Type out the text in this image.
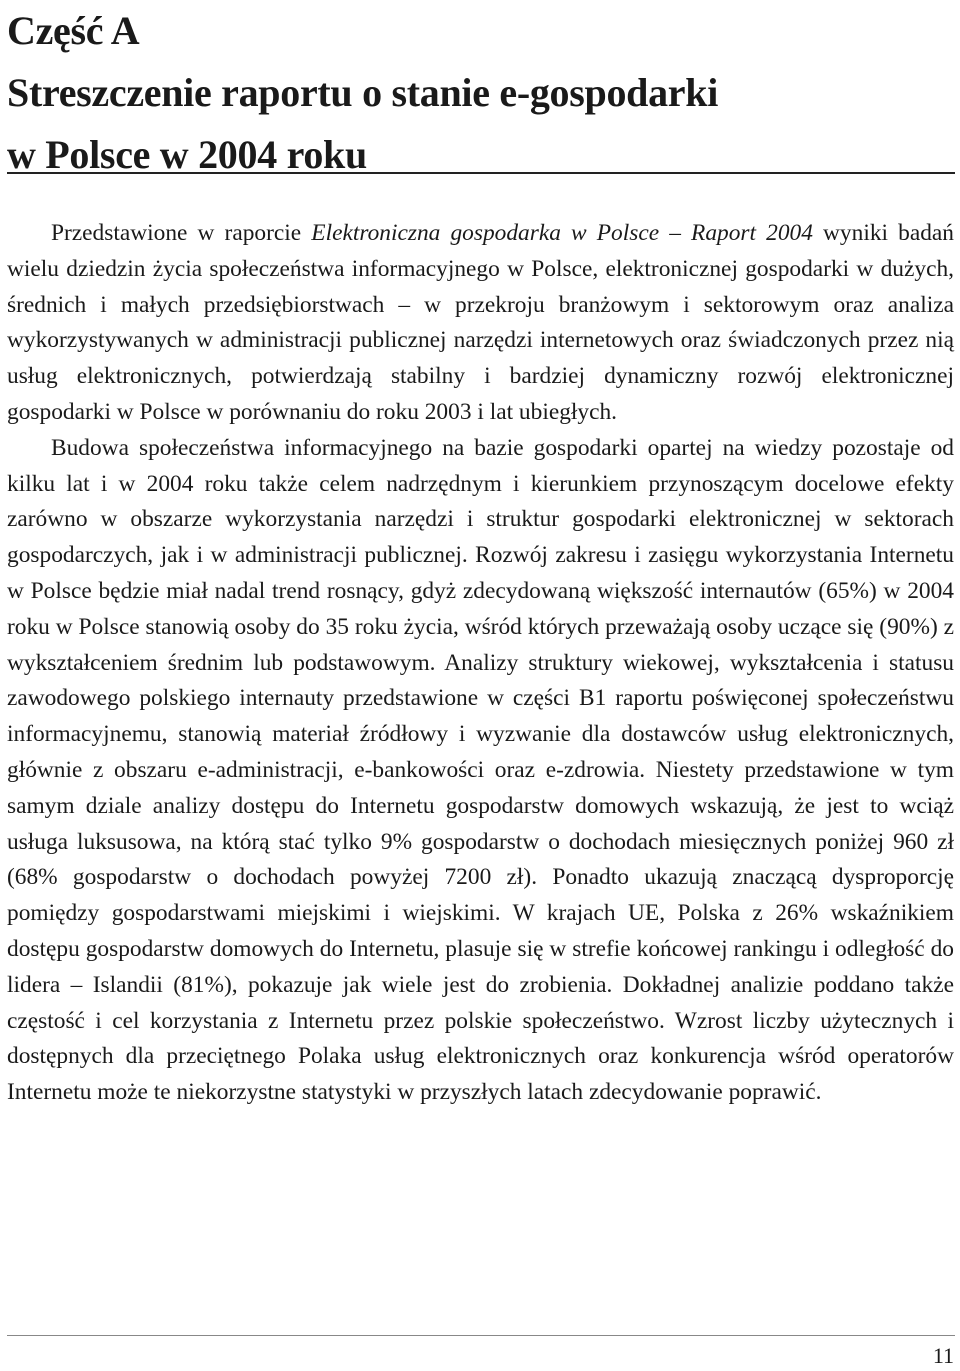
Część A
Streszczenie raportu o stanie e-gospodarki
w Polsce w 2004 roku

Przedstawione w raporcie Elektroniczna gospodarka w Polsce – Raport 2004 wyniki badań wielu dziedzin życia społeczeństwa informacyjnego w Polsce, elektronicznej gospodarki w dużych, średnich i małych przedsiębiorstwach – w przekroju branżowym i sektorowym oraz analiza wykorzystywanych w administracji publicznej narzędzi internetowych oraz świadczonych przez nią usług elektronicznych, potwierdzają stabilny i bardziej dynamiczny rozwój elektronicznej gospodarki w Polsce w porównaniu do roku 2003 i lat ubiegłych.

Budowa społeczeństwa informacyjnego na bazie gospodarki opartej na wiedzy pozostaje od kilku lat i w 2004 roku także celem nadrzędnym i kierunkiem przynoszącym docelowe efekty zarówno w obszarze wykorzystania narzędzi i struktur gospodarki elektronicznej w sektorach gospodarczych, jak i w administracji publicznej. Rozwój zakresu i zasięgu wykorzystania Internetu w Polsce będzie miał nadal trend rosnący, gdyż zdecydowaną większość internautów (65%) w 2004 roku w Polsce stanowią osoby do 35 roku życia, wśród których przeważają osoby uczące się (90%) z wykształceniem średnim lub podstawowym. Analizy struktury wiekowej, wykształcenia i statusu zawodowego polskiego internauty przedstawione w części B1 raportu poświęconej społeczeństwu informacyjnemu, stanowią materiał źródłowy i wyzwanie dla dostawców usług elektronicznych, głównie z obszaru e-administracji, e-bankowości oraz e-zdrowia. Niestety przedstawione w tym samym dziale analizy dostępu do Internetu gospodarstw domowych wskazują, że jest to wciąż usługa luksusowa, na którą stać tylko 9% gospodarstw o dochodach miesięcznych poniżej 960 zł (68% gospodarstw o dochodach powyżej 7200 zł). Ponadto ukazują znaczącą dysproporcję pomiędzy gospodarstwami miejskimi i wiejskimi. W krajach UE, Polska z 26% wskaźnikiem dostępu gospodarstw domowych do Internetu, plasuje się w strefie końcowej rankingu i odległość do lidera – Islandii (81%), pokazuje jak wiele jest do zrobienia. Dokładnej analizie poddano także częstość i cel korzystania z Internetu przez polskie społeczeństwo. Wzrost liczby użytecznych i dostępnych dla przeciętnego Polaka usług elektronicznych oraz konkurencja wśród operatorów Internetu może te niekorzystne statystyki w przyszłych latach zdecydowanie poprawić.

11
